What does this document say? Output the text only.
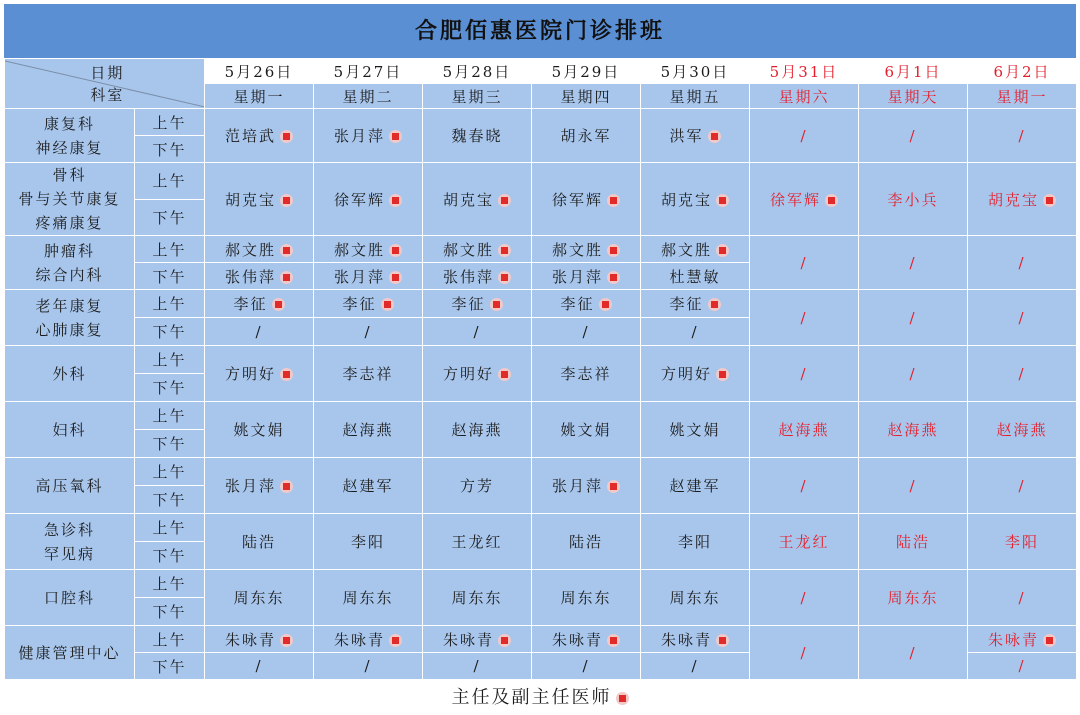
合肥佰惠医院门诊排班
日期
科室		5月26日	5月27日	5月28日	5月29日	5月30日	5月31日	6月1日	6月2日
		星期一	星期二	星期三	星期四	星期五	星期六	星期天	星期一

康复科
神经康复	上午	范培武	张月萍	魏春晓	胡永军	洪军	/	/	/
	下午								

骨科
骨与关节康复
疼痛康复	上午	胡克宝	徐军辉	胡克宝	徐军辉	胡克宝	徐军辉	李小兵	胡克宝
	下午								

肿瘤科
综合内科	上午	郝文胜	郝文胜	郝文胜	郝文胜	郝文胜	/	/	/
	下午	张伟萍	张月萍	张伟萍	张月萍	杜慧敏			

老年康复
心肺康复	上午	李征	李征	李征	李征	李征	/	/	/
	下午	/	/	/	/	/			

外科	上午	方明好	李志祥	方明好	李志祥	方明好	/	/	/
	下午								

妇科	上午	姚文娟	赵海燕	赵海燕	姚文娟	姚文娟	赵海燕	赵海燕	赵海燕
	下午								

高压氧科	上午	张月萍	赵建军	方芳	张月萍	赵建军	/	/	/
	下午								

急诊科
罕见病	上午	陆浩	李阳	王龙红	陆浩	李阳	王龙红	陆浩	李阳
	下午								

口腔科	上午	周东东	周东东	周东东	周东东	周东东	/	周东东	/
	下午								

健康管理中心	上午	朱咏青	朱咏青	朱咏青	朱咏青	朱咏青	/	/	朱咏青
	下午	/	/	/	/	/			/
主任及副主任医师
